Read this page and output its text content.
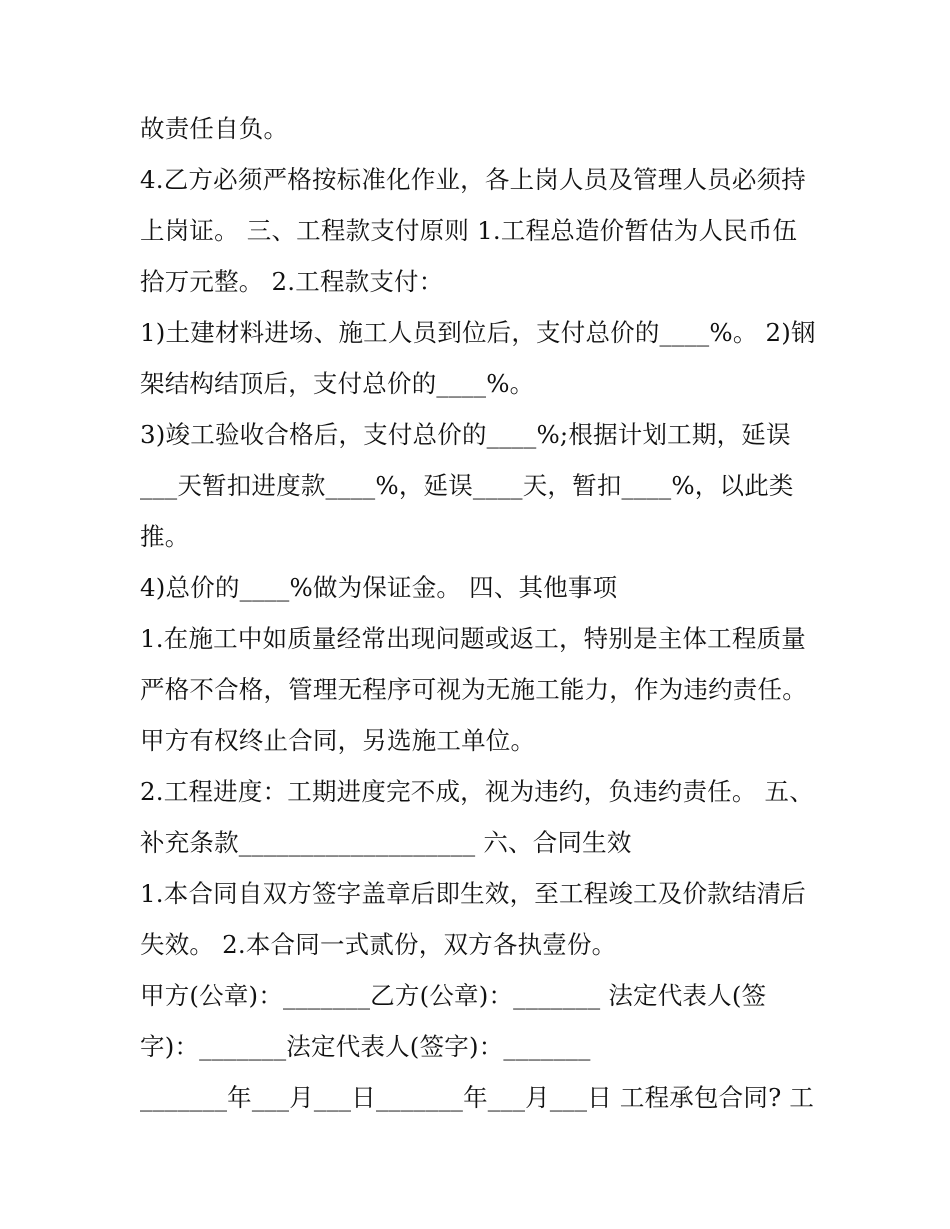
故责任自负。
4.乙方必须严格按标准化作业，各上岗人员及管理人员必须持
上岗证。 三、工程款支付原则 1.工程总造价暂估为人民币伍
拾万元整。 2.工程款支付：
1)土建材料进场、施工人员到位后，支付总价的____%。 2)钢
架结构结顶后，支付总价的____%。
3)竣工验收合格后，支付总价的____%;根据计划工期，延误
___天暂扣进度款____%，延误____天，暂扣____%，以此类
推。
4)总价的____%做为保证金。 四、其他事项
1.在施工中如质量经常出现问题或返工，特别是主体工程质量
严格不合格，管理无程序可视为无施工能力，作为违约责任。
甲方有权终止合同，另选施工单位。
2.工程进度：工期进度完不成，视为违约，负违约责任。 五、
补充条款___________________ 六、合同生效
1.本合同自双方签字盖章后即生效，至工程竣工及价款结清后
失效。 2.本合同一式贰份，双方各执壹份。
甲方(公章)：_______乙方(公章)：_______ 法定代表人(签
字)：_______法定代表人(签字)：_______
_______年___月___日_______年___月___日 工程承包合同? 工
